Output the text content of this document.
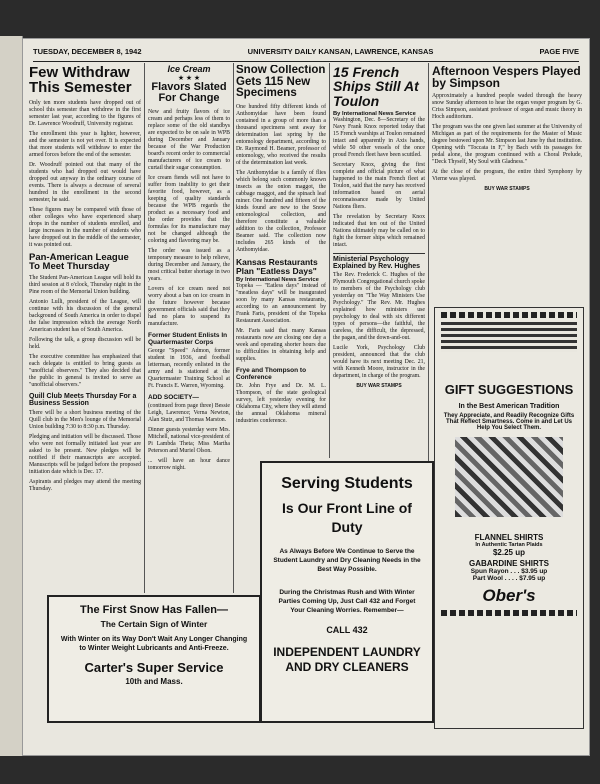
TUESDAY, DECEMBER 8, 1942	UNIVERSITY DAILY KANSAN, LAWRENCE, KANSAS	PAGE FIVE
Few Withdraw This Semester

Only ten more students have dropped out of school this semester than withdrew in the first semester last year, according to the figures of Dr. Lawrence Woodruff, University registrar.

The enrollment this year is lighter, however, and the semester is not yet over. It is expected that more students will withdraw to enter the armed forces before the end of the semester.

Dr. Woodruff pointed out that many of the students who had dropped out would have dropped out anyway in the ordinary course of events. There is always a decrease of several hundred in the enrollment in the second semester, he said.

These figures may be compared with those of other colleges who have experienced sharp drops in the number of students enrolled, and large increases in the number of students who have dropped out in the middle of the semester, it was pointed out.

Pan-American League To Meet Thursday

The Student Pan-American League will hold its third session at 8 o'clock, Thursday night in the Pine room of the Memorial Union building.

Antonio Lulli, president of the League, will continue with his discussion of the general background of South America in order to dispel the false impression which the average North American student has of South America.

Following the talk, a group discussion will be held.

The executive committee has emphasized that each delegate is entitled to bring guests as "unofficial observers." They also decided that the public in general is invited to serve as "unofficial observers."

Quill Club Meets Thursday For a Business Session

There will be a short business meeting of the Quill club in the Men's lounge of the Memorial Union building 7:30 to 8:30 p.m. Thursday.

Pledging and initiation will be discussed. Those who were not formally initiated last year are asked to be present. New pledges will be notified if their manuscripts are accepted. Manuscripts will be judged before the proposed initiation date which is Dec. 17.

Aspirants and pledges may attend the meeting Thursday.

Ice Cream
★ ★ ★
Flavors Slated For Change

New and fruity flavors of ice cream and perhaps less of them to replace some of the old standbys are expected to be on sale in WPB during December and January because of the War Production board's recent order to commercial manufacturers of ice cream to curtail their sugar consumption.

Ice cream fiends will not have to suffer from inability to get their favorite food, however, as a keeping of quality standards because the WPB regards the product as a necessary food and the order provides that the formulas for its manufacture may not be changed although the coloring and flavoring may be.

The order was issued as a temporary measure to help relieve, during December and January, the most critical butter shortage in two years.

Lovers of ice cream need not worry about a ban on ice cream in the future however because government officials said that they had no plans to suspend its manufacture.

Former Student Enlists In Quartermaster Corps

George "Speed" Admon, former student in 1936, and football letterman, recently enlisted in the army and is stationed at the Quartermaster Training School at Ft. Francis E. Warren, Wyoming.

ADD SOCIETY—

(continued from page three) Bessie Leigh, Lawrence; Verna Newton, Alan Stutz, and Thomas Marston.

Dinner guests yesterday were Mrs. Mitchell, national vice-president of Pi Lambda Theta; Miss Martha Peterson and Muriel Olson.

... will have an hour dance tomorrow night.

Snow Collection Gets 115 New Specimens

One hundred fifty different kinds of Anthomyidae have been found contained in a group of more than a thousand specimens sent away for determination last spring by the entomology department, according to Dr. Raymond H. Beamer, professor of entomology, who received the results of the determination last week.

The Anthomyidae is a family of flies which belong such commonly known insects as the onion maggot, the cabbage maggot, and the spinach leaf miner. One hundred and fifteen of the kinds found are new to the Snow entomological collection, and therefore constitute a valuable addition to the collection, Professor Beamer said. The collection now includes 265 kinds of the Anthomyidae.

Kansas Restaurants Plan "Eatless Days"
By International News Service

Topeka — "Eatless days" instead of "meatless days" will be inaugurated soon by many Kansas restaurants, according to an announcement by Frank Faris, president of the Topeka Restaurant Association.

Mr. Faris said that many Kansas restaurants now are closing one day a week and operating shorter hours due to difficulties in obtaining help and supplies.

Frye and Thompson to Conference

Dr. John Frye and Dr. M. L. Thompson, of the state geological survey, left yesterday evening for Oklahoma City, where they will attend the annual Oklahoma mineral industries conference.

15 French Ships Still At Toulon
By International News Service

Washington, Dec. 8—Secretary of the Navy Frank Knox reported today that 15 French warships at Toulon remained intact and apparently in Axis hands, while 50 other vessels of the once proud French fleet have been scuttled.

Secretary Knox, giving the first complete and official picture of what happened to the main French fleet at Toulon, said that the navy has received information based on aerial reconnaissance made by United Nations fliers.

The revelation by Secretary Knox indicated that ten out of the United Nations ultimately may be called on to fight the former ships which remained intact.

Ministerial Psychology Explained by Rev. Hughes

The Rev. Frederick C. Hughes of the Plymouth Congregational church spoke to members of the Psychology club yesterday on "The Way Ministers Use Psychology." The Rev. Mr. Hughes explained how ministers use psychology to deal with six different types of persons—the faithful, the careless, the difficult, the depressed, the pagan, and the down-and-out.

Lucile York, Psychology Club president, announced that the club would have its next meeting Dec. 21, with Kenneth Moore, instructor in the department, in charge of the program.

BUY WAR STAMPS
Afternoon Vespers Played by Simpson

Approximately a hundred people waded through the heavy snow Sunday afternoon to hear the organ vesper program by G. Criss Simpson, assistant professor of organ and music theory in Hoch auditorium.

The program was the one given last summer at the University of Michigan as part of the requirements for the Master of Music degree bestowed upon Mr. Simpson last June by that institution. Opening with "Toccata in F," by Bach with its passages for pedal alone, the program continued with a Choral Prelude, "Deck Thyself, My Soul with Gladness."

At the close of the program, the entire third Symphony by Vierne was played.

BUY WAR STAMPS
GIFT SUGGESTIONS
In the Best American Tradition
They Appreciate, and Readily Recognize Gifts That Reflect Smartness. Come in and Let Us Help You Select Them.
FLANNEL SHIRTS
In Authentic Tartan Plaids
$2.25 up
GABARDINE SHIRTS
Spun Rayon . . . $3.95 up
Part Wool . . . . $7.95 up
Ober's
The First Snow Has Fallen—
The Certain Sign of Winter
With Winter on its Way Don't Wait Any Longer Changing to Winter Weight Lubricants and Anti-Freeze.
Carter's Super Service
10th and Mass.
Serving Students
Is Our Front Line of Duty
As Always Before We Continue to Serve the Student Laundry and Dry Cleaning Needs in the Best Way Possible.
During the Christmas Rush and With Winter Parties Coming Up, Just Call 432 and Forget Your Cleaning Worries. Remember—
CALL 432
INDEPENDENT LAUNDRY AND DRY CLEANERS
